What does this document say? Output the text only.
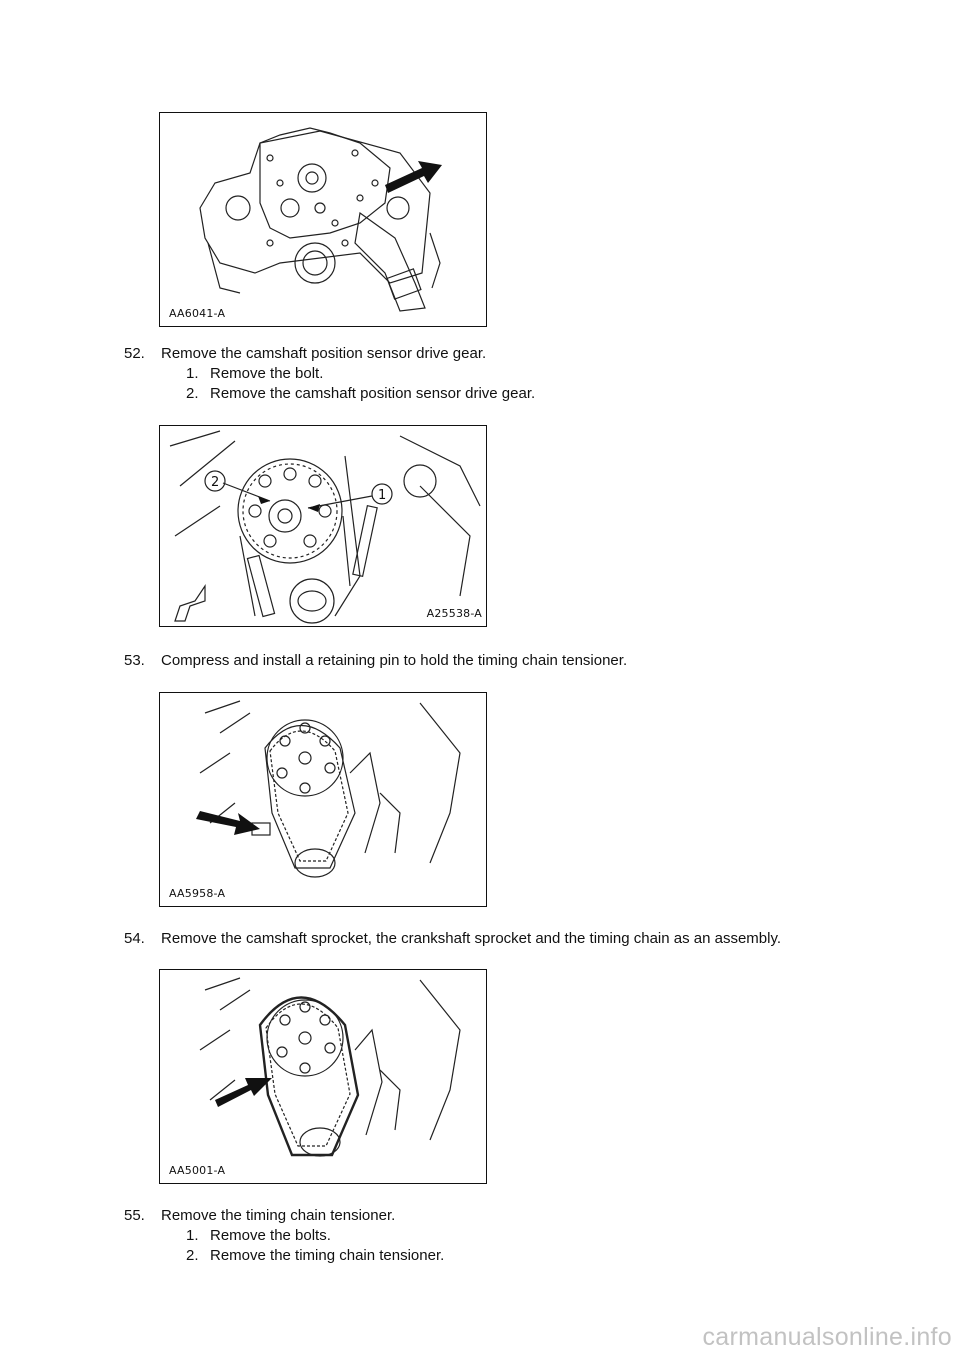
AA6041-A
52. Remove the camshaft position sensor drive gear.
1. Remove the bolt.
2. Remove the camshaft position sensor drive gear.
2
1
A25538-A
53. Compress and install a retaining pin to hold the timing chain tensioner.
AA5958-A
54. Remove the camshaft sprocket, the crankshaft sprocket and the timing chain as an assembly.
AA5001-A
55. Remove the timing chain tensioner.
1. Remove the bolts.
2. Remove the timing chain tensioner.
carmanualsonline.info
